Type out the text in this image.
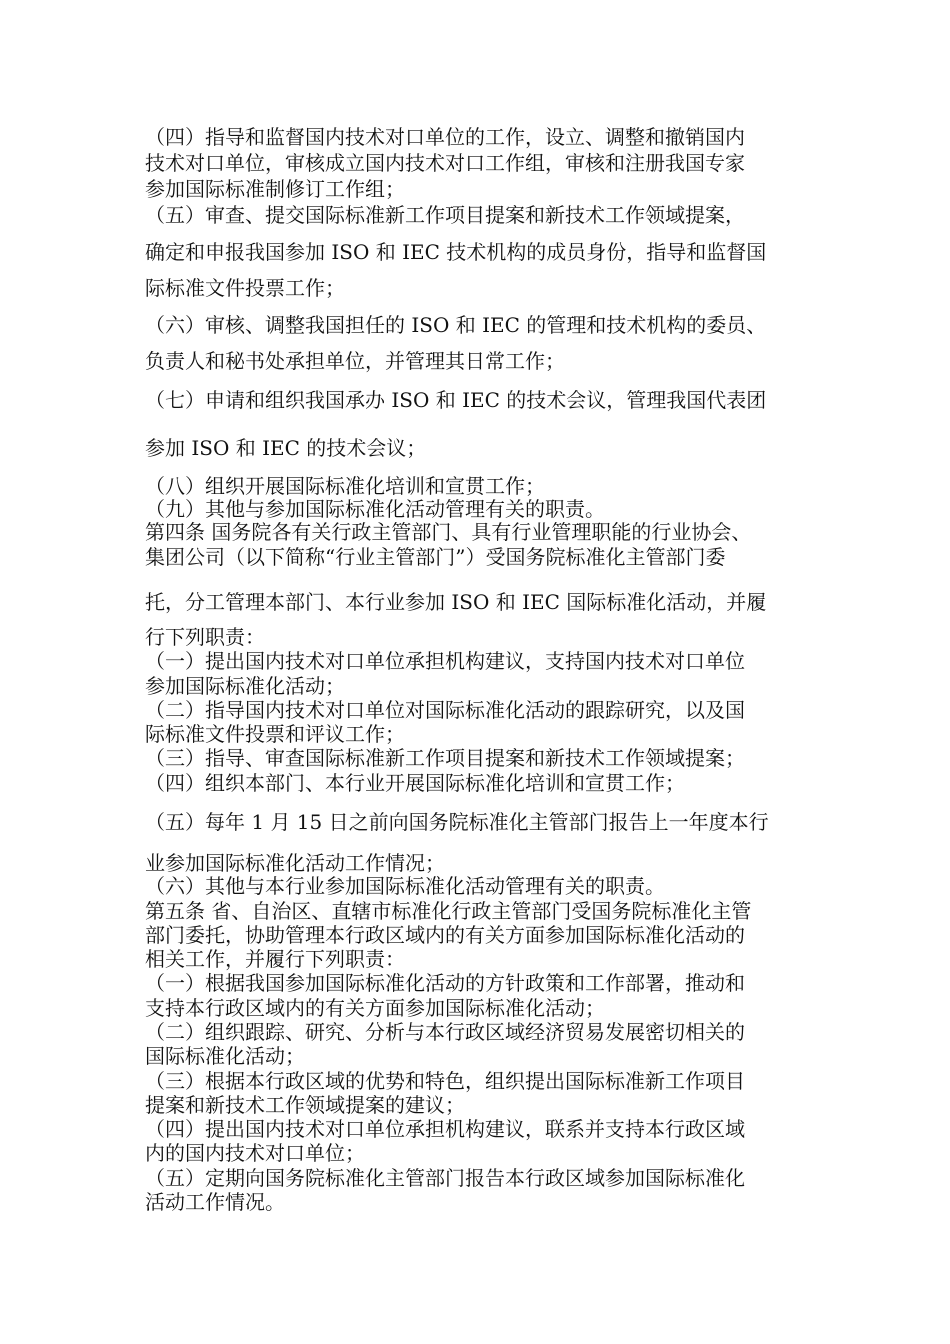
（四）指导和监督国内技术对口单位的工作，设立、调整和撤销国内
技术对口单位，审核成立国内技术对口工作组，审核和注册我国专家
参加国际标准制修订工作组；
（五）审查、提交国际标准新工作项目提案和新技术工作领域提案，
确定和申报我国参加 ISO 和 IEC 技术机构的成员身份，指导和监督国
际标准文件投票工作；
（六）审核、调整我国担任的 ISO 和 IEC 的管理和技术机构的委员、
负责人和秘书处承担单位，并管理其日常工作；
（七）申请和组织我国承办 ISO 和 IEC 的技术会议，管理我国代表团
参加 ISO 和 IEC 的技术会议；
（八）组织开展国际标准化培训和宣贯工作；
（九）其他与参加国际标准化活动管理有关的职责。
第四条 国务院各有关行政主管部门、具有行业管理职能的行业协会、
集团公司（以下简称“行业主管部门”）受国务院标准化主管部门委
托，分工管理本部门、本行业参加 ISO 和 IEC 国际标准化活动，并履
行下列职责：
（一）提出国内技术对口单位承担机构建议，支持国内技术对口单位
参加国际标准化活动；
（二）指导国内技术对口单位对国际标准化活动的跟踪研究，以及国
际标准文件投票和评议工作；
（三）指导、审查国际标准新工作项目提案和新技术工作领域提案；
（四）组织本部门、本行业开展国际标准化培训和宣贯工作；
（五）每年 1 月 15 日之前向国务院标准化主管部门报告上一年度本行
业参加国际标准化活动工作情况；
（六）其他与本行业参加国际标准化活动管理有关的职责。
第五条 省、自治区、直辖市标准化行政主管部门受国务院标准化主管
部门委托，协助管理本行政区域内的有关方面参加国际标准化活动的
相关工作，并履行下列职责：
（一）根据我国参加国际标准化活动的方针政策和工作部署，推动和
支持本行政区域内的有关方面参加国际标准化活动；
（二）组织跟踪、研究、分析与本行政区域经济贸易发展密切相关的
国际标准化活动；
（三）根据本行政区域的优势和特色，组织提出国际标准新工作项目
提案和新技术工作领域提案的建议；
（四）提出国内技术对口单位承担机构建议，联系并支持本行政区域
内的国内技术对口单位；
（五）定期向国务院标准化主管部门报告本行政区域参加国际标准化
活动工作情况。
